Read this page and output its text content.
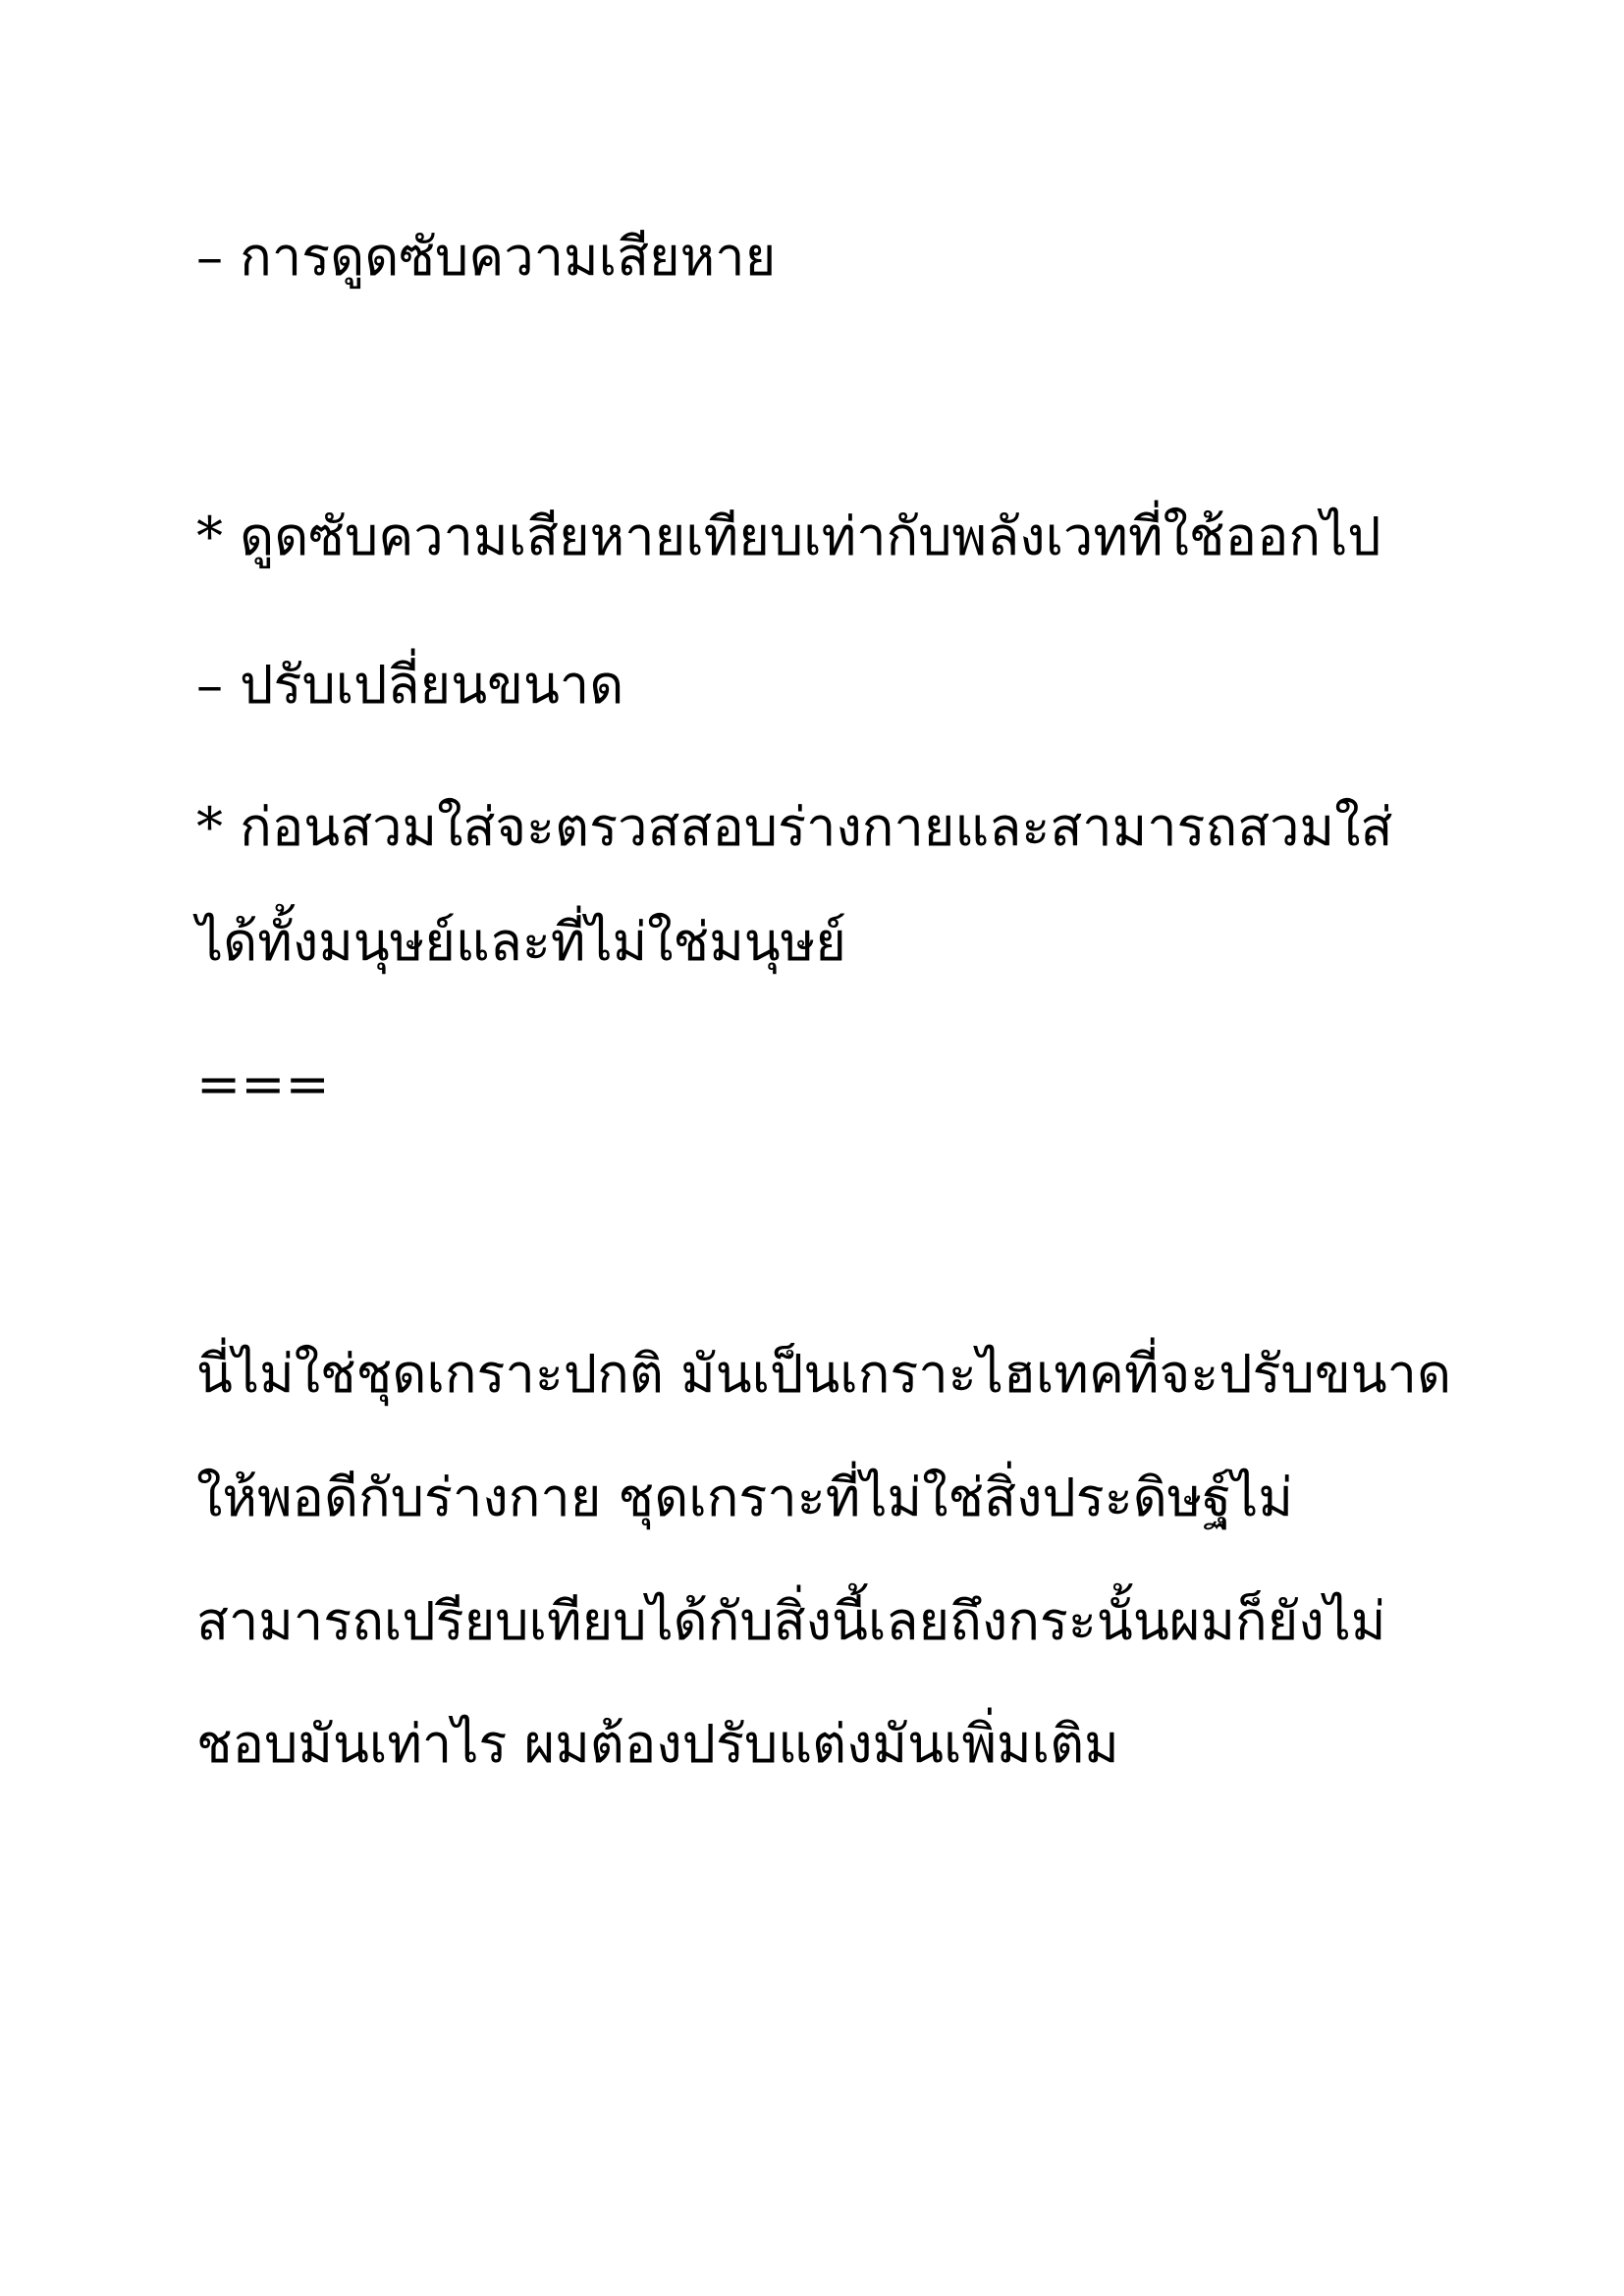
– การดูดซับความเสียหาย
* ดูดซับความเสียหายเทียบเท่ากับพลังเวทที่ใช้ออกไป
– ปรับเปลี่ยนขนาด
* ก่อนสวมใส่จะตรวสสอบร่างกายและสามารถสวมใส่
ได้ทั้งมนุษย์และที่ไม่ใช่มนุษย์
===
นี่ไม่ใช่ชุดเกราะปกติ มันเป็นเกราะไฮเทคที่จะปรับขนาด
ให้พอดีกับร่างกาย ชุดเกราะที่ไม่ใช่สิ่งประดิษฐ์ไม่
สามารถเปรียบเทียบได้กับสิ่งนี้เลยถึงกระนั้นผมก็ยังไม่
ชอบมันเท่าไร ผมต้องปรับแต่งมันเพิ่มเติม
